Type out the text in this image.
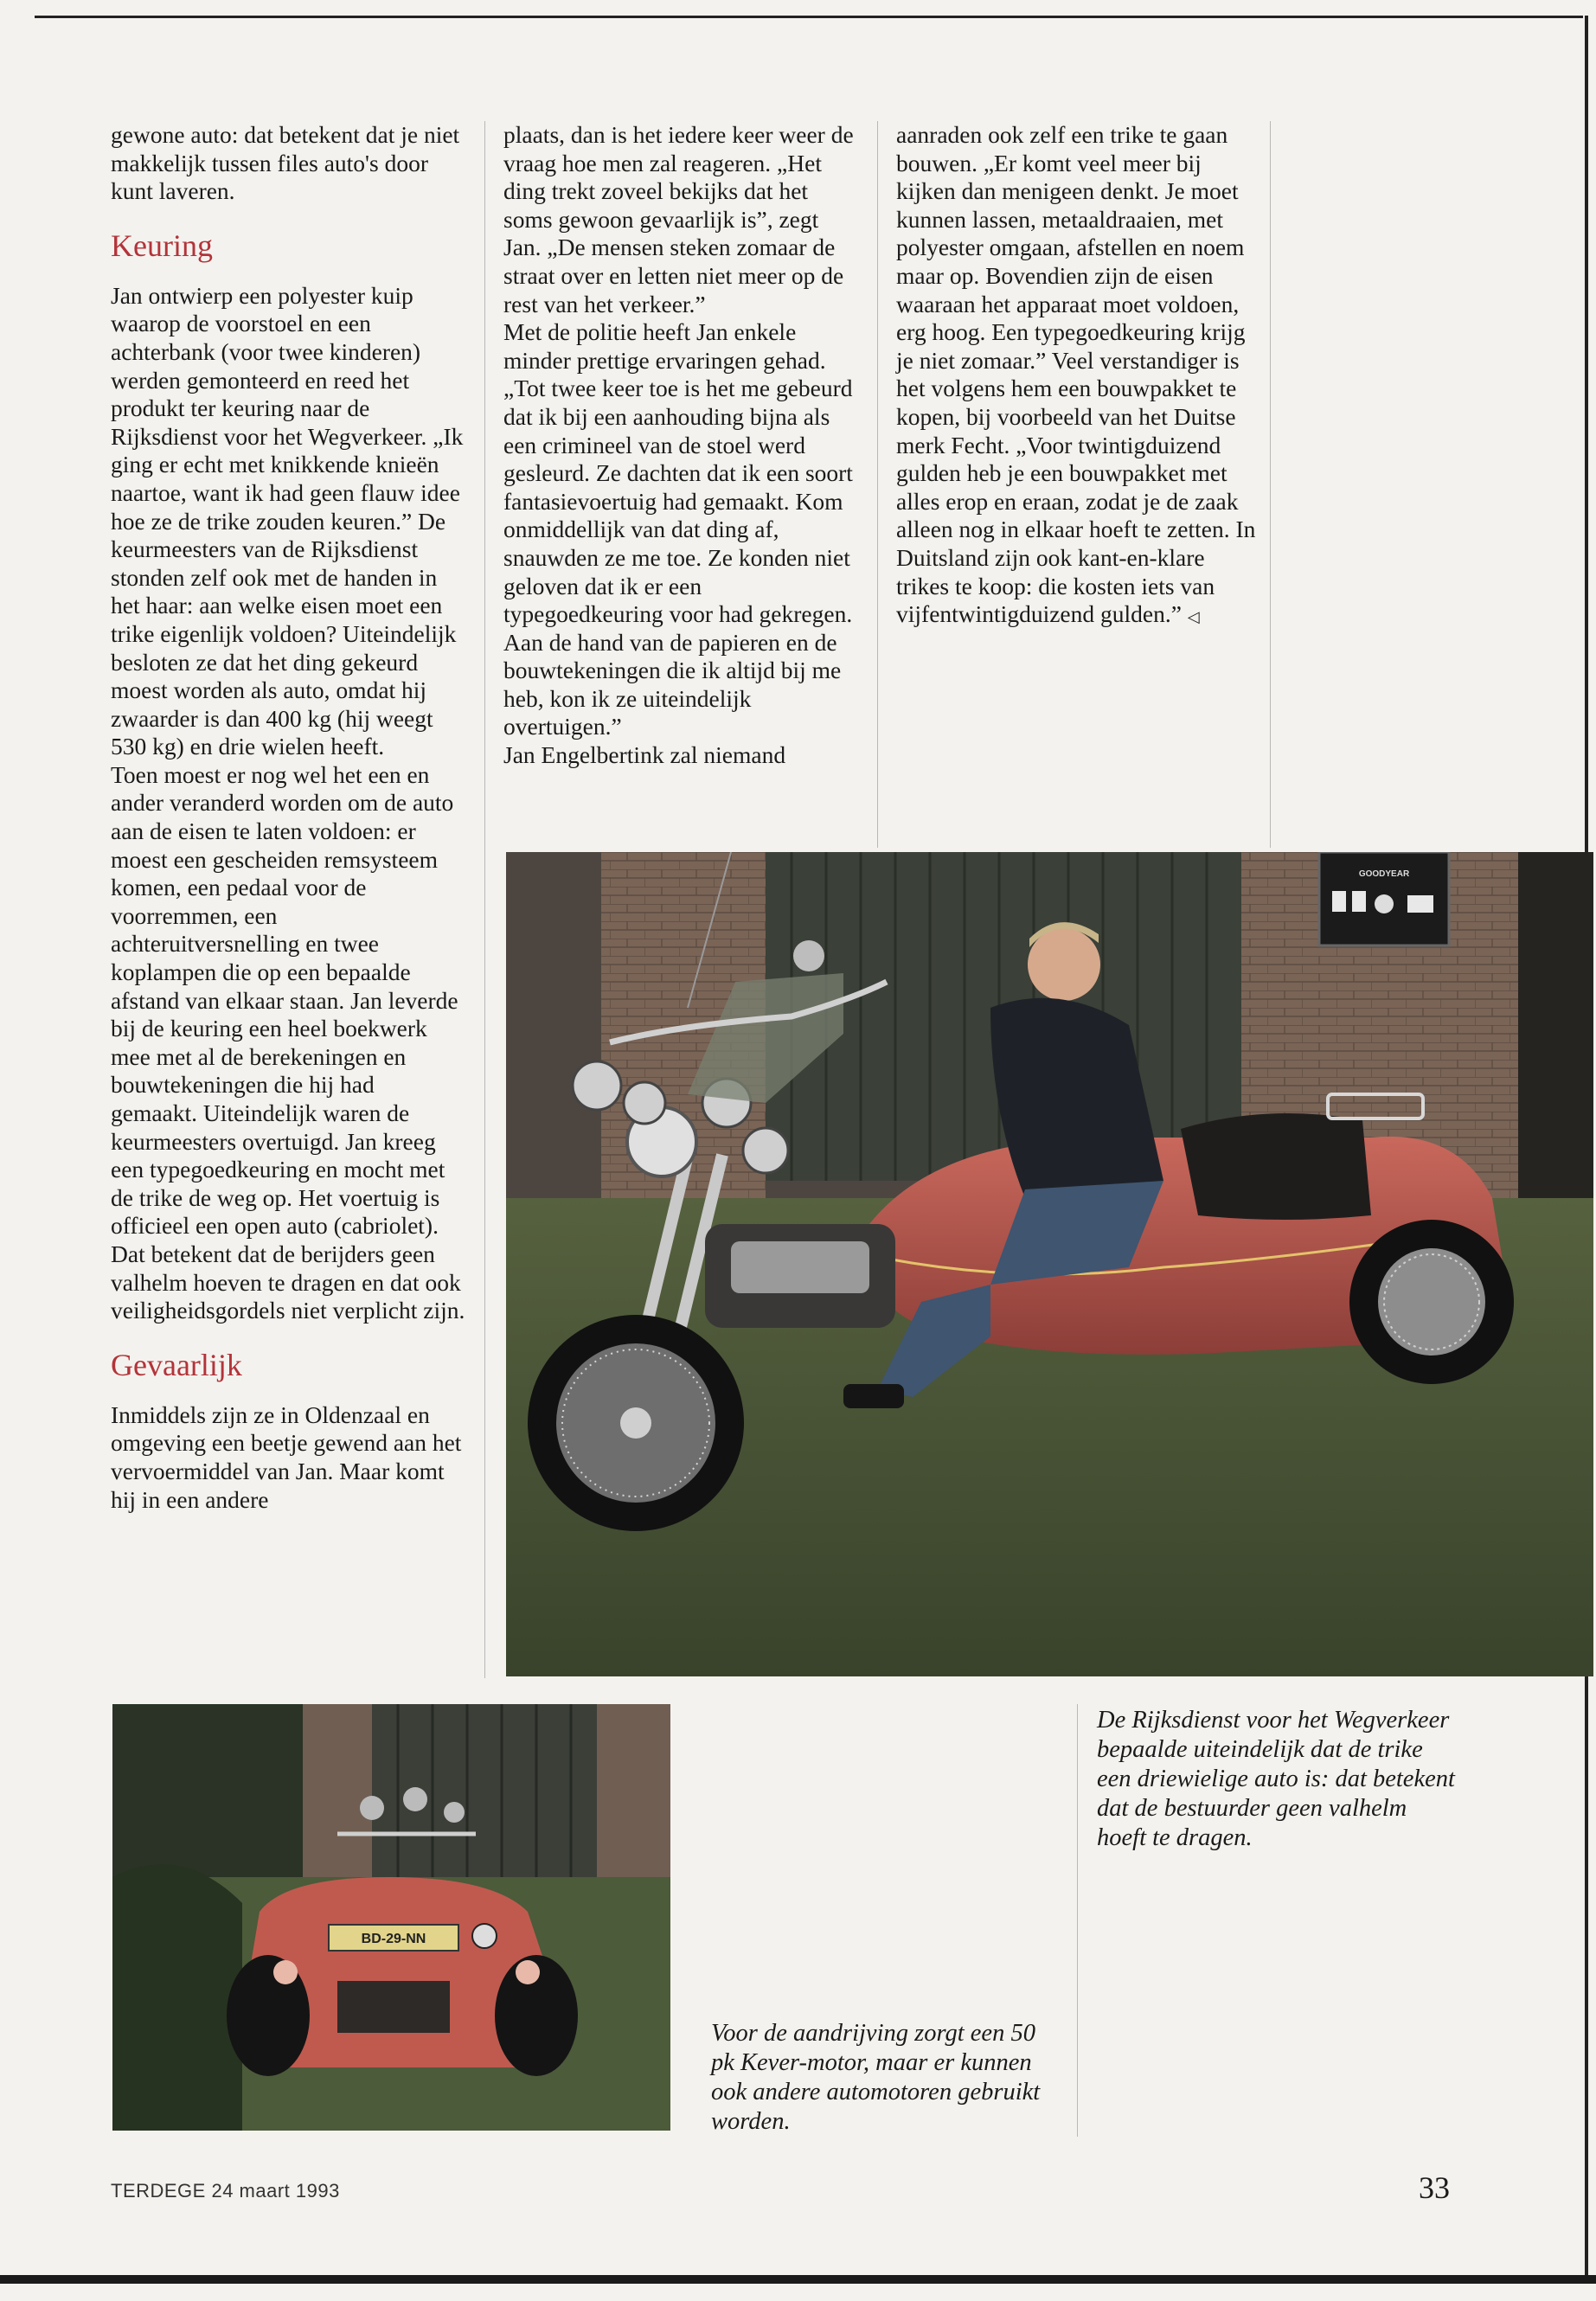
gewone auto: dat betekent dat je niet makkelijk tussen files auto's door kunt laveren.

Keuring

Jan ontwierp een polyester kuip waarop de voorstoel en een achterbank (voor twee kinderen) werden gemonteerd en reed het produkt ter keuring naar de Rijksdienst voor het Wegverkeer. „Ik ging er echt met knikkende knieën naartoe, want ik had geen flauw idee hoe ze de trike zouden keuren.” De keurmeesters van de Rijksdienst stonden zelf ook met de handen in het haar: aan welke eisen moet een trike eigenlijk voldoen? Uiteindelijk besloten ze dat het ding gekeurd moest worden als auto, omdat hij zwaarder is dan 400 kg (hij weegt 530 kg) en drie wielen heeft.

Toen moest er nog wel het een en ander veranderd worden om de auto aan de eisen te laten voldoen: er moest een gescheiden remsysteem komen, een pedaal voor de voorremmen, een achteruitversnelling en twee koplampen die op een bepaalde afstand van elkaar staan. Jan leverde bij de keuring een heel boekwerk mee met al de berekeningen en bouwtekeningen die hij had gemaakt. Uiteindelijk waren de keurmeesters overtuigd. Jan kreeg een typegoedkeuring en mocht met de trike de weg op. Het voertuig is officieel een open auto (cabriolet). Dat betekent dat de berijders geen valhelm hoeven te dragen en dat ook veiligheidsgordels niet verplicht zijn.

Gevaarlijk

Inmiddels zijn ze in Oldenzaal en omgeving een beetje gewend aan het vervoermiddel van Jan. Maar komt hij in een andere

plaats, dan is het iedere keer weer de vraag hoe men zal reageren. „Het ding trekt zoveel bekijks dat het soms gewoon gevaarlijk is”, zegt Jan. „De mensen steken zomaar de straat over en letten niet meer op de rest van het verkeer.”

Met de politie heeft Jan enkele minder prettige ervaringen gehad. „Tot twee keer toe is het me gebeurd dat ik bij een aanhouding bijna als een crimineel van de stoel werd gesleurd. Ze dachten dat ik een soort fantasievoertuig had gemaakt. Kom onmiddellijk van dat ding af, snauwden ze me toe. Ze konden niet geloven dat ik er een typegoedkeuring voor had gekregen. Aan de hand van de papieren en de bouwtekeningen die ik altijd bij me heb, kon ik ze uiteindelijk overtuigen.”

Jan Engelbertink zal niemand

aanraden ook zelf een trike te gaan bouwen. „Er komt veel meer bij kijken dan menigeen denkt. Je moet kunnen lassen, metaaldraaien, met polyester omgaan, afstellen en noem maar op. Bovendien zijn de eisen waaraan het apparaat moet voldoen, erg hoog. Een typegoedkeuring krijg je niet zomaar.” Veel verstandiger is het volgens hem een bouwpakket te kopen, bij voorbeeld van het Duitse merk Fecht. „Voor twintigduizend gulden heb je een bouwpakket met alles erop en eraan, zodat je de zaak alleen nog in elkaar hoeft te zetten. In Duitsland zijn ook kant-en-klare trikes te koop: die kosten iets van vijfentwintigduizend gulden.” ◁

GOODYEAR
BD-29-NN
De Rijksdienst voor het Wegverkeer bepaalde uiteindelijk dat de trike een driewielige auto is: dat betekent dat de bestuurder geen valhelm hoeft te dragen.
Voor de aandrijving zorgt een 50 pk Kever-motor, maar er kunnen ook andere automotoren gebruikt worden.
TERDEGE 24 maart 1993	33
